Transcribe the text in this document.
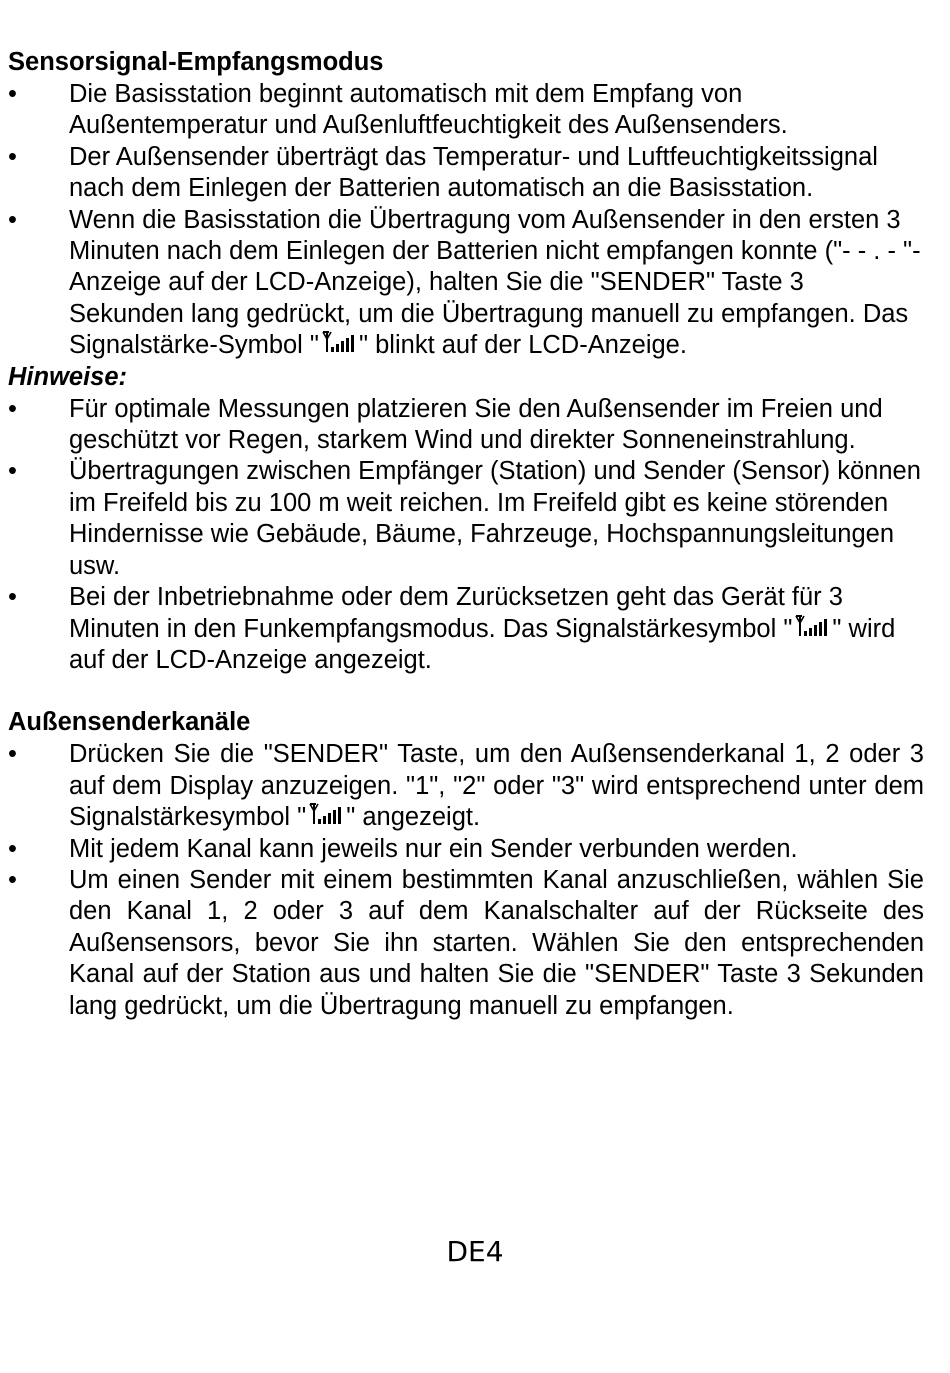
Sensorsignal-Empfangsmodus
• Die Basisstation beginnt automatisch mit dem Empfang von Außentemperatur und Außenluftfeuchtigkeit des Außensenders.
• Der Außensender überträgt das Temperatur- und Luftfeuchtigkeitssignal nach dem Einlegen der Batterien automatisch an die Basisstation.
• Wenn die Basisstation die Übertragung vom Außensender in den ersten 3 Minuten nach dem Einlegen der Batterien nicht empfangen konnte ("- - . - "-Anzeige auf der LCD-Anzeige), halten Sie die "SENDER" Taste 3 Sekunden lang gedrückt, um die Übertragung manuell zu empfangen. Das Signalstärke-Symbol " " blinkt auf der LCD-Anzeige.
Hinweise:
• Für optimale Messungen platzieren Sie den Außensender im Freien und geschützt vor Regen, starkem Wind und direkter Sonneneinstrahlung.
• Übertragungen zwischen Empfänger (Station) und Sender (Sensor) können im Freifeld bis zu 100 m weit reichen. Im Freifeld gibt es keine störenden Hindernisse wie Gebäude, Bäume, Fahrzeuge, Hochspannungsleitungen usw.
• Bei der Inbetriebnahme oder dem Zurücksetzen geht das Gerät für 3 Minuten in den Funkempfangsmodus. Das Signalstärkesymbol " " wird auf der LCD-Anzeige angezeigt.
Außensenderkanäle
• Drücken Sie die "SENDER" Taste, um den Außensenderkanal 1, 2 oder 3 auf dem Display anzuzeigen. "1", "2" oder "3" wird entsprechend unter dem Signalstärkesymbol " " angezeigt.
• Mit jedem Kanal kann jeweils nur ein Sender verbunden werden.
• Um einen Sender mit einem bestimmten Kanal anzuschließen, wählen Sie den Kanal 1, 2 oder 3 auf dem Kanalschalter auf der Rückseite des Außensensors, bevor Sie ihn starten. Wählen Sie den entsprechenden Kanal auf der Station aus und halten Sie die "SENDER" Taste 3 Sekunden lang gedrückt, um die Übertragung manuell zu empfangen.
DE4
